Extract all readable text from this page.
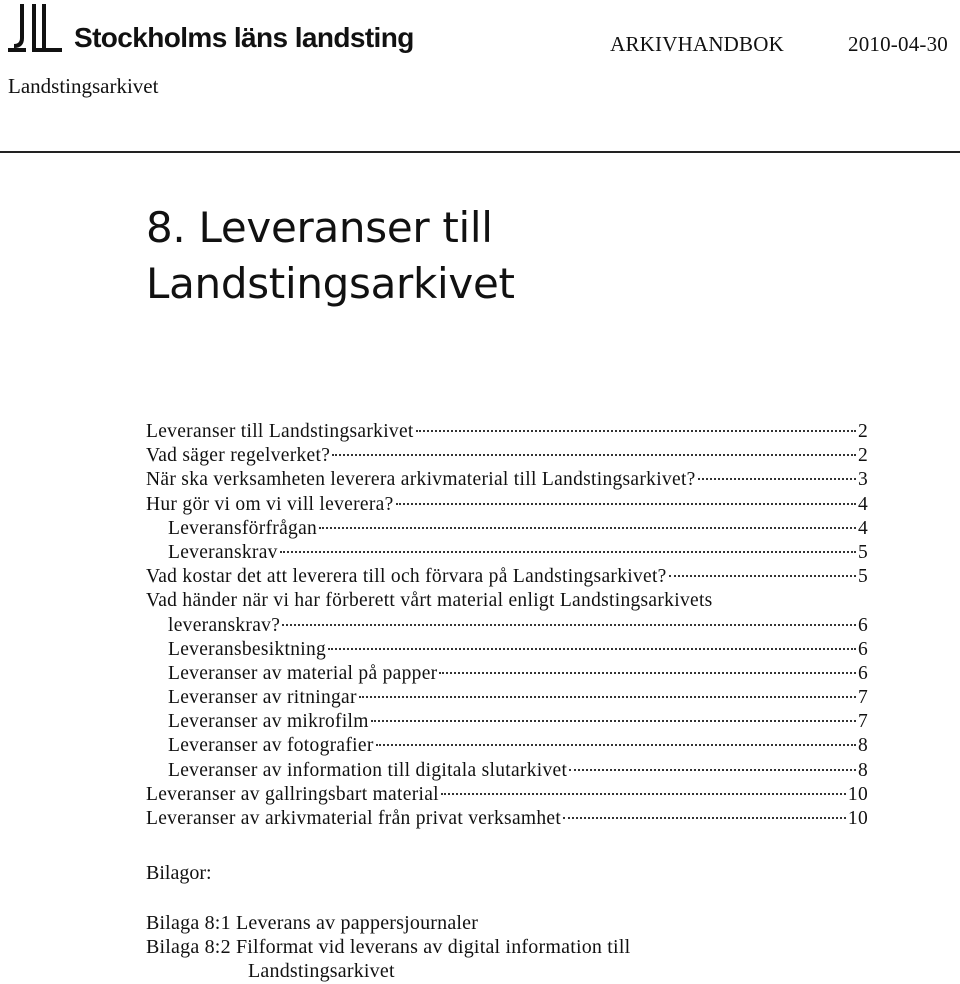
Stockholms läns landsting	ARKIVHANDBOK	2010-04-30
Landstingsarkivet
8. Leveranser till
Landstingsarkivet
Leveranser till Landstingsarkivet	2
Vad säger regelverket?	2
När ska verksamheten leverera arkivmaterial till Landstingsarkivet?	3
Hur gör vi om vi vill leverera?	4
Leveransförfrågan	4
Leveranskrav	5
Vad kostar det att leverera till och förvara på Landstingsarkivet?	5
Vad händer när vi har förberett vårt material enligt Landstingsarkivets
leveranskrav?	6
Leveransbesiktning	6
Leveranser av material på papper	6
Leveranser av ritningar	7
Leveranser av mikrofilm	7
Leveranser av fotografier	8
Leveranser av information till digitala slutarkivet	8
Leveranser av gallringsbart material	10
Leveranser av arkivmaterial från privat verksamhet	10
Bilagor:
Bilaga 8:1 Leverans av pappersjournaler
Bilaga 8:2 Filformat vid leverans av digital information till
Landstingsarkivet
